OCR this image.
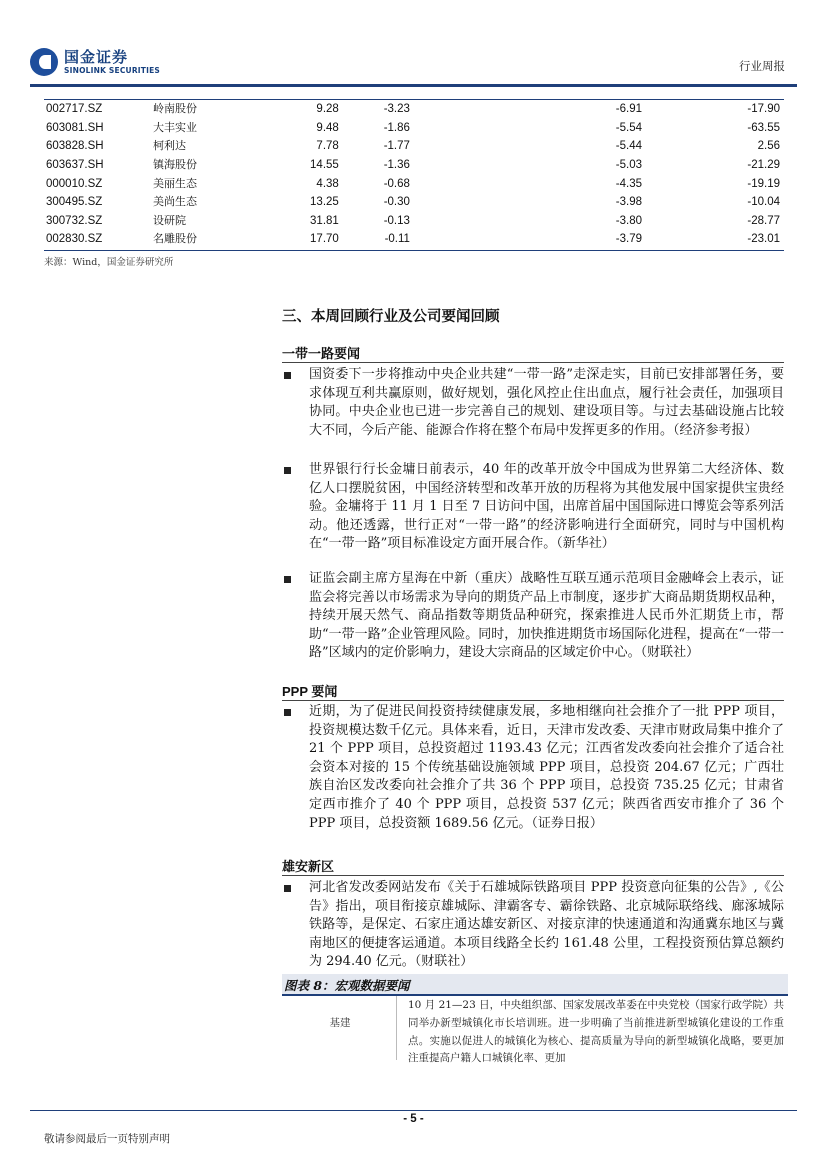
国金证券
SINOLINK SECURITIES	行业周报
002717.SZ	岭南股份	9.28	-3.23	-6.91	-17.90
603081.SH	大丰实业	9.48	-1.86	-5.54	-63.55
603828.SH	柯利达	7.78	-1.77	-5.44	2.56
603637.SH	镇海股份	14.55	-1.36	-5.03	-21.29
000010.SZ	美丽生态	4.38	-0.68	-4.35	-19.19
300495.SZ	美尚生态	13.25	-0.30	-3.98	-10.04
300732.SZ	设研院	31.81	-0.13	-3.80	-28.77
002830.SZ	名雕股份	17.70	-0.11	-3.79	-23.01
来源：Wind，国金证券研究所
三、本周回顾行业及公司要闻回顾
一带一路要闻
国资委下一步将推动中央企业共建“一带一路”走深走实，目前已安排部署任务，要求体现互利共赢原则，做好规划，强化风控止住出血点，履行社会责任，加强项目协同。中央企业也已进一步完善自己的规划、建设项目等。与过去基础设施占比较大不同，今后产能、能源合作将在整个布局中发挥更多的作用。（经济参考报）
世界银行行长金墉日前表示，40 年的改革开放令中国成为世界第二大经济体、数亿人口摆脱贫困，中国经济转型和改革开放的历程将为其他发展中国家提供宝贵经验。金墉将于 11 月 1 日至 7 日访问中国，出席首届中国国际进口博览会等系列活动。他还透露，世行正对“一带一路”的经济影响进行全面研究，同时与中国机构在“一带一路”项目标准设定方面开展合作。（新华社）
证监会副主席方星海在中新（重庆）战略性互联互通示范项目金融峰会上表示，证监会将完善以市场需求为导向的期货产品上市制度，逐步扩大商品期货期权品种，持续开展天然气、商品指数等期货品种研究，探索推进人民币外汇期货上市，帮助“一带一路”企业管理风险。同时，加快推进期货市场国际化进程，提高在“一带一路”区域内的定价影响力，建设大宗商品的区域定价中心。（财联社）
PPP 要闻
近期，为了促进民间投资持续健康发展，多地相继向社会推介了一批 PPP 项目，投资规模达数千亿元。具体来看，近日，天津市发改委、天津市财政局集中推介了 21 个 PPP 项目，总投资超过 1193.43 亿元；江西省发改委向社会推介了适合社会资本对接的 15 个传统基础设施领域 PPP 项目，总投资 204.67 亿元；广西壮族自治区发改委向社会推介了共 36 个 PPP 项目，总投资 735.25 亿元；甘肃省定西市推介了 40 个 PPP 项目，总投资 537 亿元；陕西省西安市推介了 36 个 PPP 项目，总投资额 1689.56 亿元。（证券日报）
雄安新区
河北省发改委网站发布《关于石雄城际铁路项目 PPP 投资意向征集的公告》,《公告》指出，项目衔接京雄城际、津霸客专、霸徐铁路、北京城际联络线、廊涿城际铁路等，是保定、石家庄通达雄安新区、对接京津的快速通道和沟通冀东地区与冀南地区的便捷客运通道。本项目线路全长约 161.48 公里，工程投资预估算总额约为 294.40 亿元。（财联社）
图表 8：宏观数据要闻
基建
10 月 21—23 日，中央组织部、国家发展改革委在中央党校（国家行政学院）共同举办新型城镇化市长培训班。进一步明确了当前推进新型城镇化建设的工作重点。实施以促进人的城镇化为核心、提高质量为导向的新型城镇化战略，要更加注重提高户籍人口城镇化率、更加
- 5 -
敬请参阅最后一页特别声明
